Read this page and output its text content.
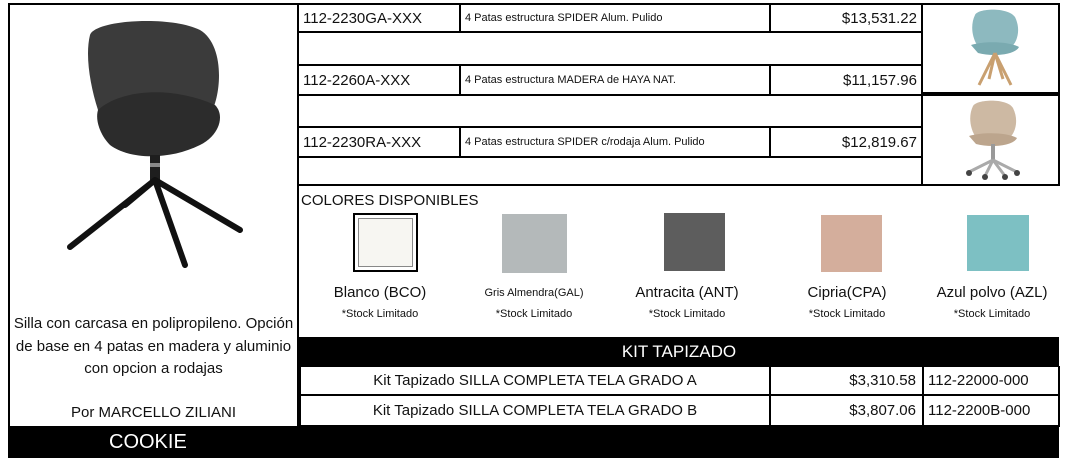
Silla con carcasa en polipropileno. Opción de base en 4 patas en madera y aluminio con opcion a rodajas
Por MARCELLO ZILIANI
112-2230GA-XXX	4 Patas estructura SPIDER Alum. Pulido	$13,531.22
112-2260A-XXX	4 Patas estructura MADERA de HAYA NAT.	$11,157.96
112-2230RA-XXX	4 Patas estructura SPIDER c/rodaja Alum. Pulido	$12,819.67
COLORES DISPONIBLES
Blanco (BCO)	Gris Almendra(GAL)	Antracita (ANT)	Cipria(CPA)	Azul polvo (AZL)
*Stock Limitado	*Stock Limitado	*Stock Limitado	*Stock Limitado	*Stock Limitado
KIT TAPIZADO
Kit Tapizado SILLA COMPLETA TELA GRADO A	$3,310.58 112-22000-000
Kit Tapizado SILLA COMPLETA TELA GRADO B	$3,807.06 112-2200B-000
COOKIE
